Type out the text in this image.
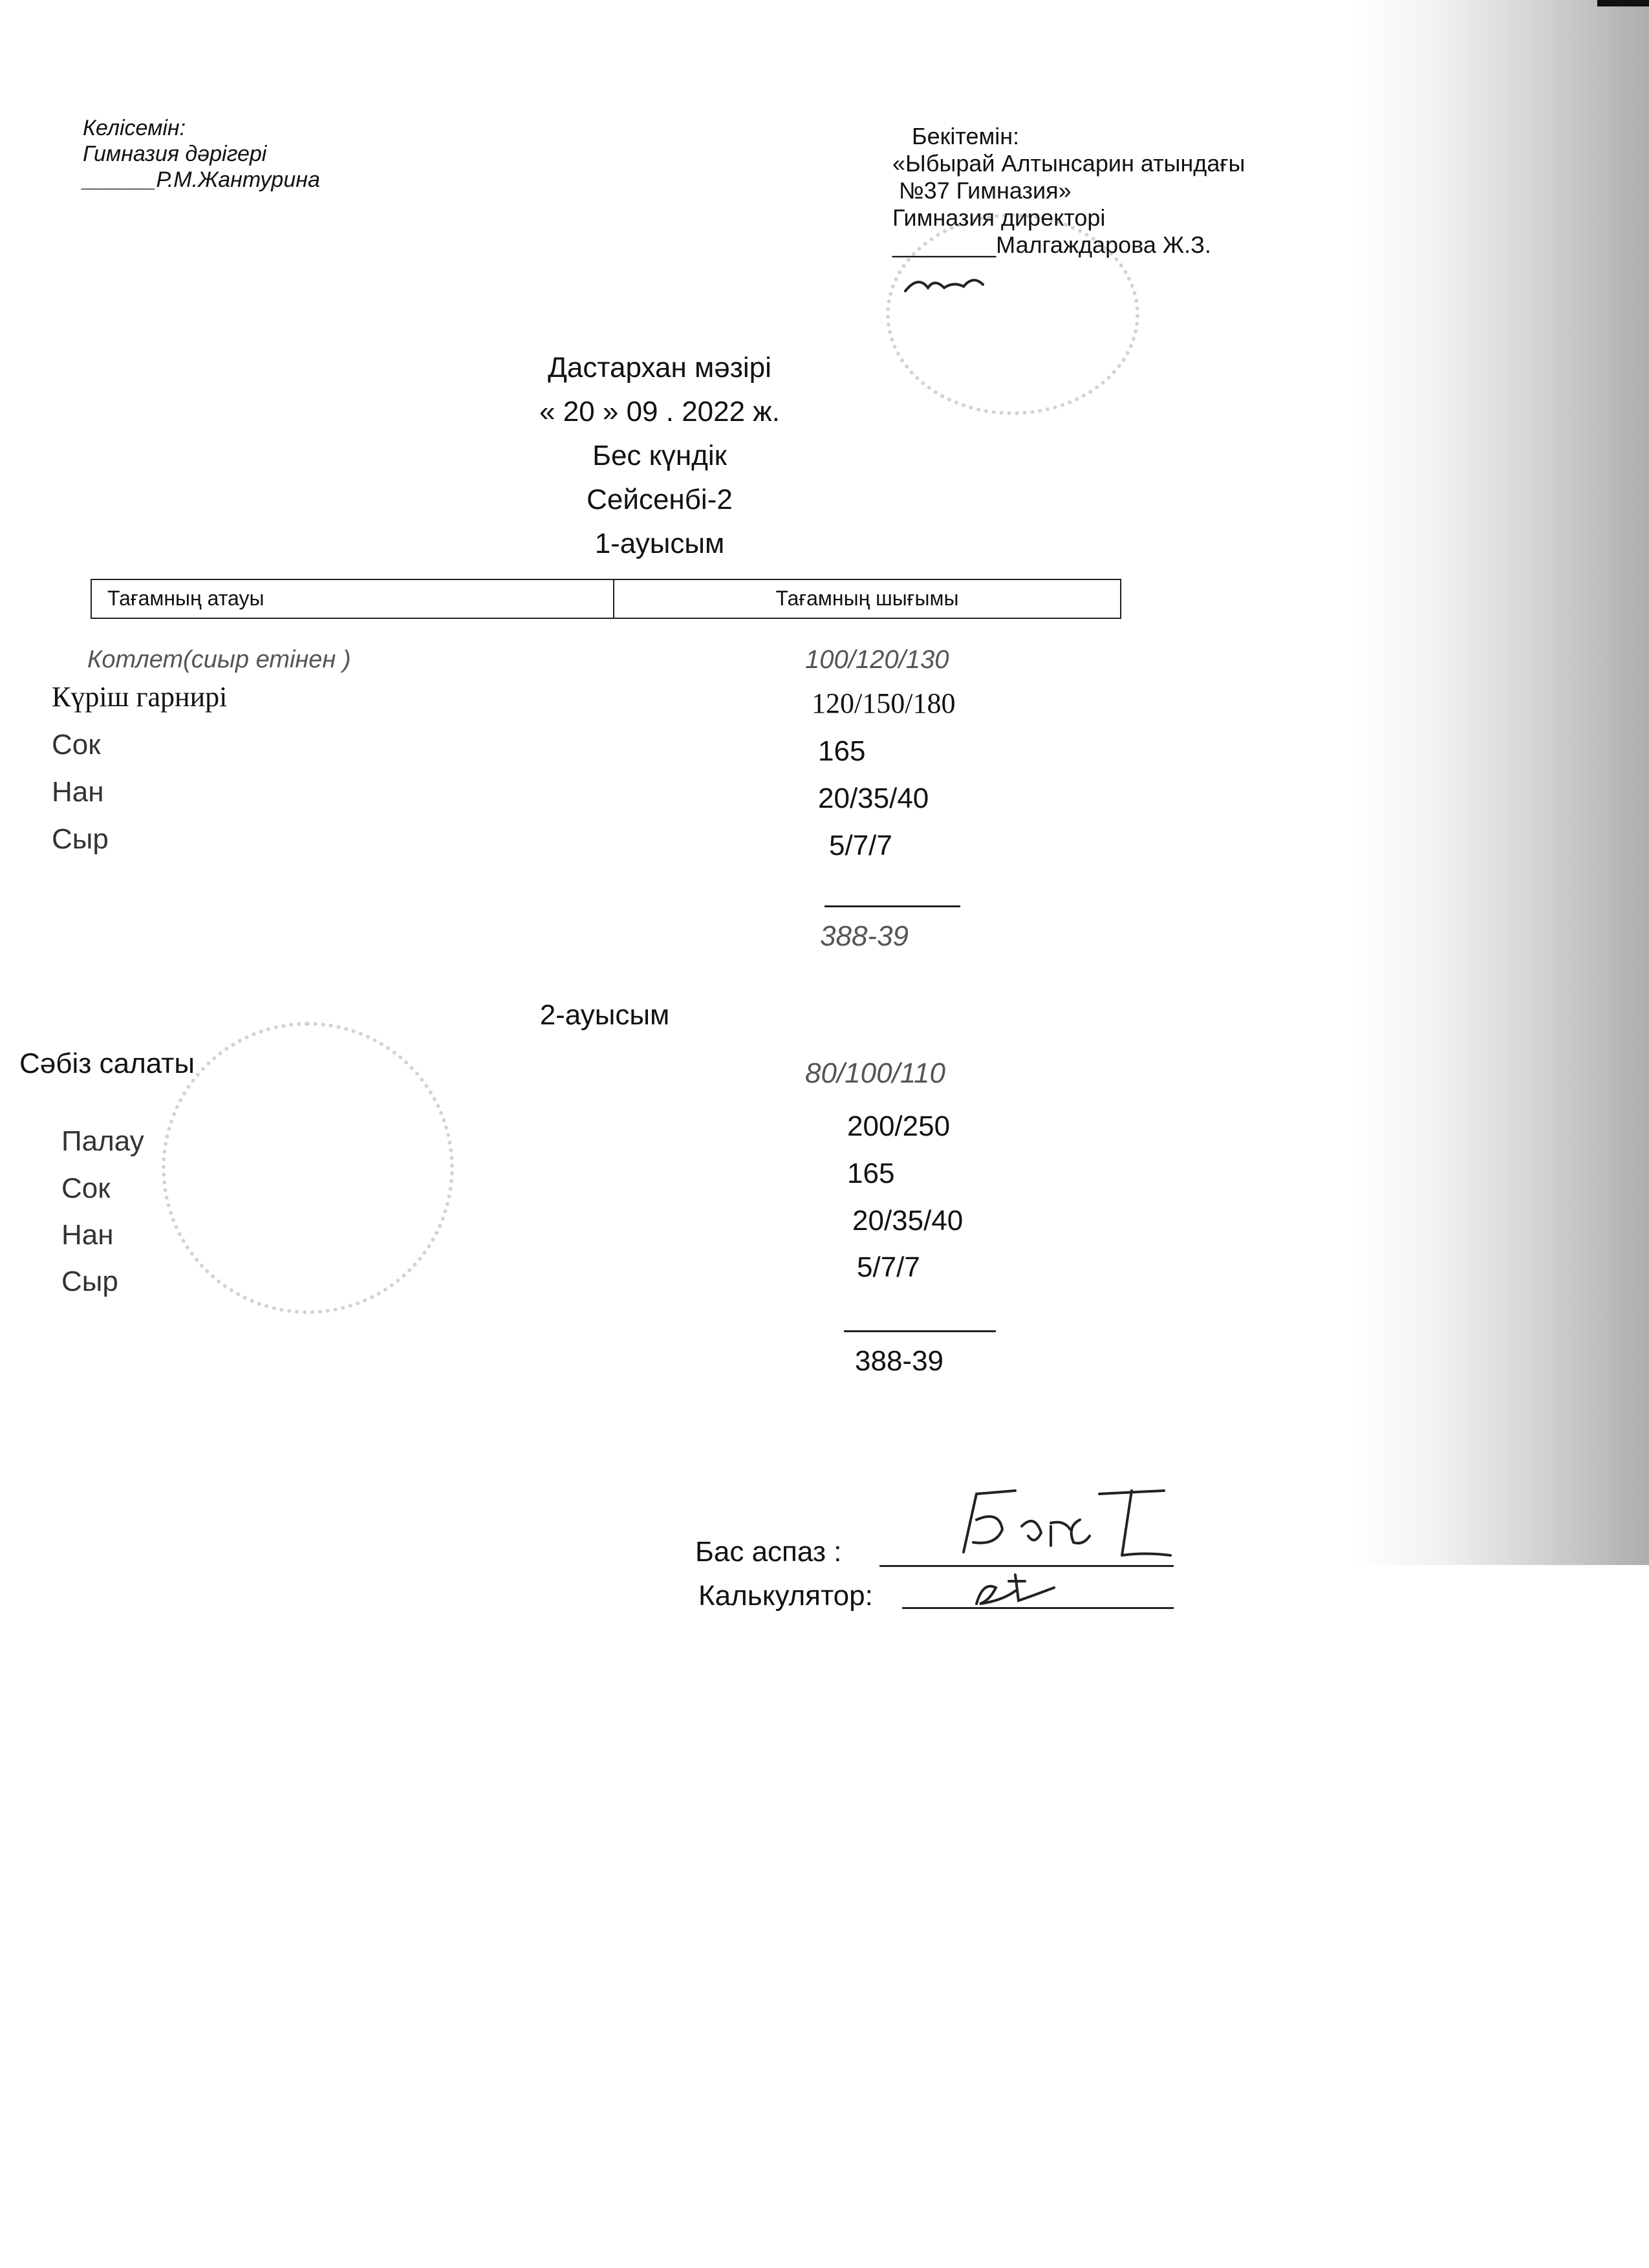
Келісемін:
Гимназия дәрігері
______Р.М.Жантурина
Бекітемін:
«Ыбырай Алтынсарин атындағы
№37 Гимназия»
Гимназия директорі
________Малгаждарова Ж.З.
Дастархан мәзірі
« 20 » 09 . 2022 ж.
Бес күндік
Сейсенбі-2
1-ауысым
Тағамның атауы	Тағамның шығымы
Котлет(сиыр етінен )	100/120/130
Күріш гарнирі	120/150/180
Сок	165
Нан	20/35/40
Сыр	5/7/7
388-39
2-ауысым
Сәбіз салаты	80/100/110
Палау	200/250
Сок	165
Нан	20/35/40
Сыр	5/7/7
388-39
Бас аспаз :
Калькулятор:
